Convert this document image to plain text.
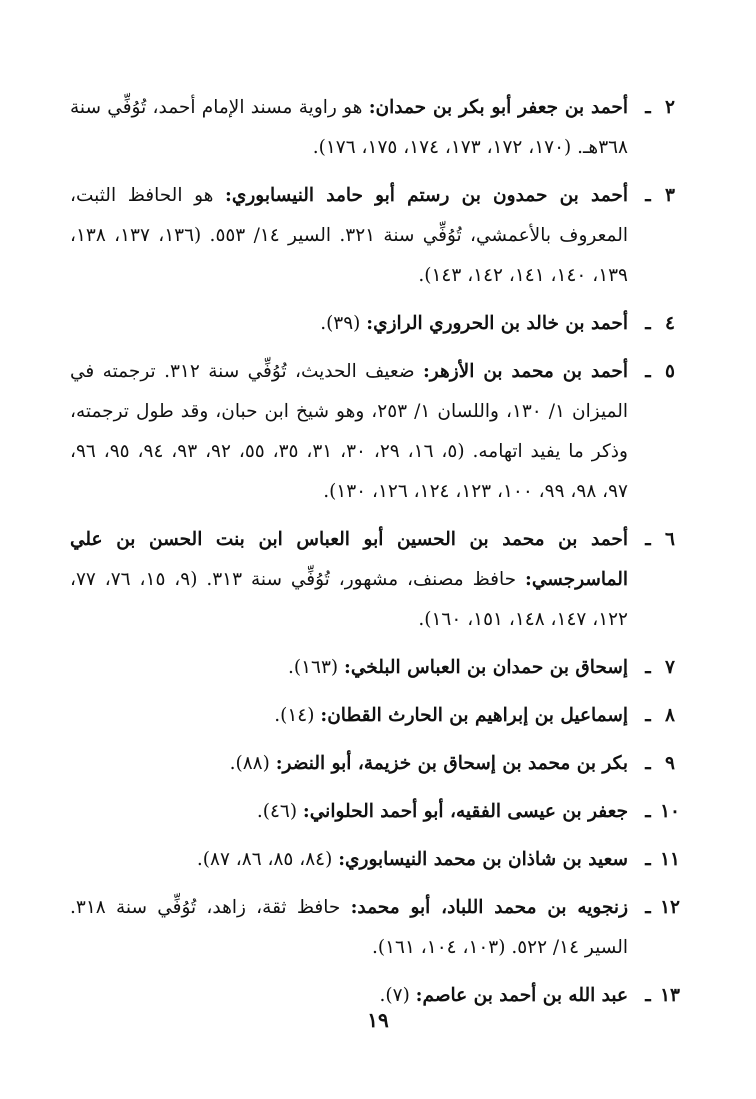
٢
ـ
أحمد بن جعفر أبو بكر بن حمدان: هو راوية مسند الإمام أحمد، تُوُفِّي سنة ٣٦٨هـ. (١٧٠، ١٧٢، ١٧٣، ١٧٤، ١٧٥، ١٧٦).
٣
ـ
أحمد بن حمدون بن رستم أبو حامد النيسابوري: هو الحافظ الثبت، المعروف بالأعمشي، تُوُفِّي سنة ٣٢١. السير ١٤/ ٥٥٣. (١٣٦، ١٣٧، ١٣٨، ١٣٩، ١٤٠، ١٤١، ١٤٢، ١٤٣).
٤
ـ
أحمد بن خالد بن الحروري الرازي: (٣٩).
٥
ـ
أحمد بن محمد بن الأزهر: ضعيف الحديث، تُوُفِّي سنة ٣١٢. ترجمته في الميزان ١/ ١٣٠، واللسان ١/ ٢٥٣، وهو شيخ ابن حبان، وقد طول ترجمته، وذكر ما يفيد اتهامه. (٥، ١٦، ٢٩، ٣٠، ٣١، ٣٥، ٥٥، ٩٢، ٩٣، ٩٤، ٩٥، ٩٦، ٩٧، ٩٨، ٩٩، ١٠٠، ١٢٣، ١٢٤، ١٢٦، ١٣٠).
٦
ـ
أحمد بن محمد بن الحسين أبو العباس ابن بنت الحسن بن علي الماسرجسي: حافظ مصنف، مشهور، تُوُفِّي سنة ٣١٣. (٩، ١٥، ٧٦، ٧٧، ١٢٢، ١٤٧، ١٤٨، ١٥١، ١٦٠).
٧
ـ
إسحاق بن حمدان بن العباس البلخي: (١٦٣).
٨
ـ
إسماعيل بن إبراهيم بن الحارث القطان: (١٤).
٩
ـ
بكر بن محمد بن إسحاق بن خزيمة، أبو النضر: (٨٨).
١٠
ـ
جعفر بن عيسى الفقيه، أبو أحمد الحلواني: (٤٦).
١١
ـ
سعيد بن شاذان بن محمد النيسابوري: (٨٤، ٨٥، ٨٦، ٨٧).
١٢
ـ
زنجويه بن محمد اللباد، أبو محمد: حافظ ثقة، زاهد، تُوُفِّي سنة ٣١٨. السير ١٤/ ٥٢٢. (١٠٣، ١٠٤، ١٦١).
١٣
ـ
عبد الله بن أحمد بن عاصم: (٧).
١٩
